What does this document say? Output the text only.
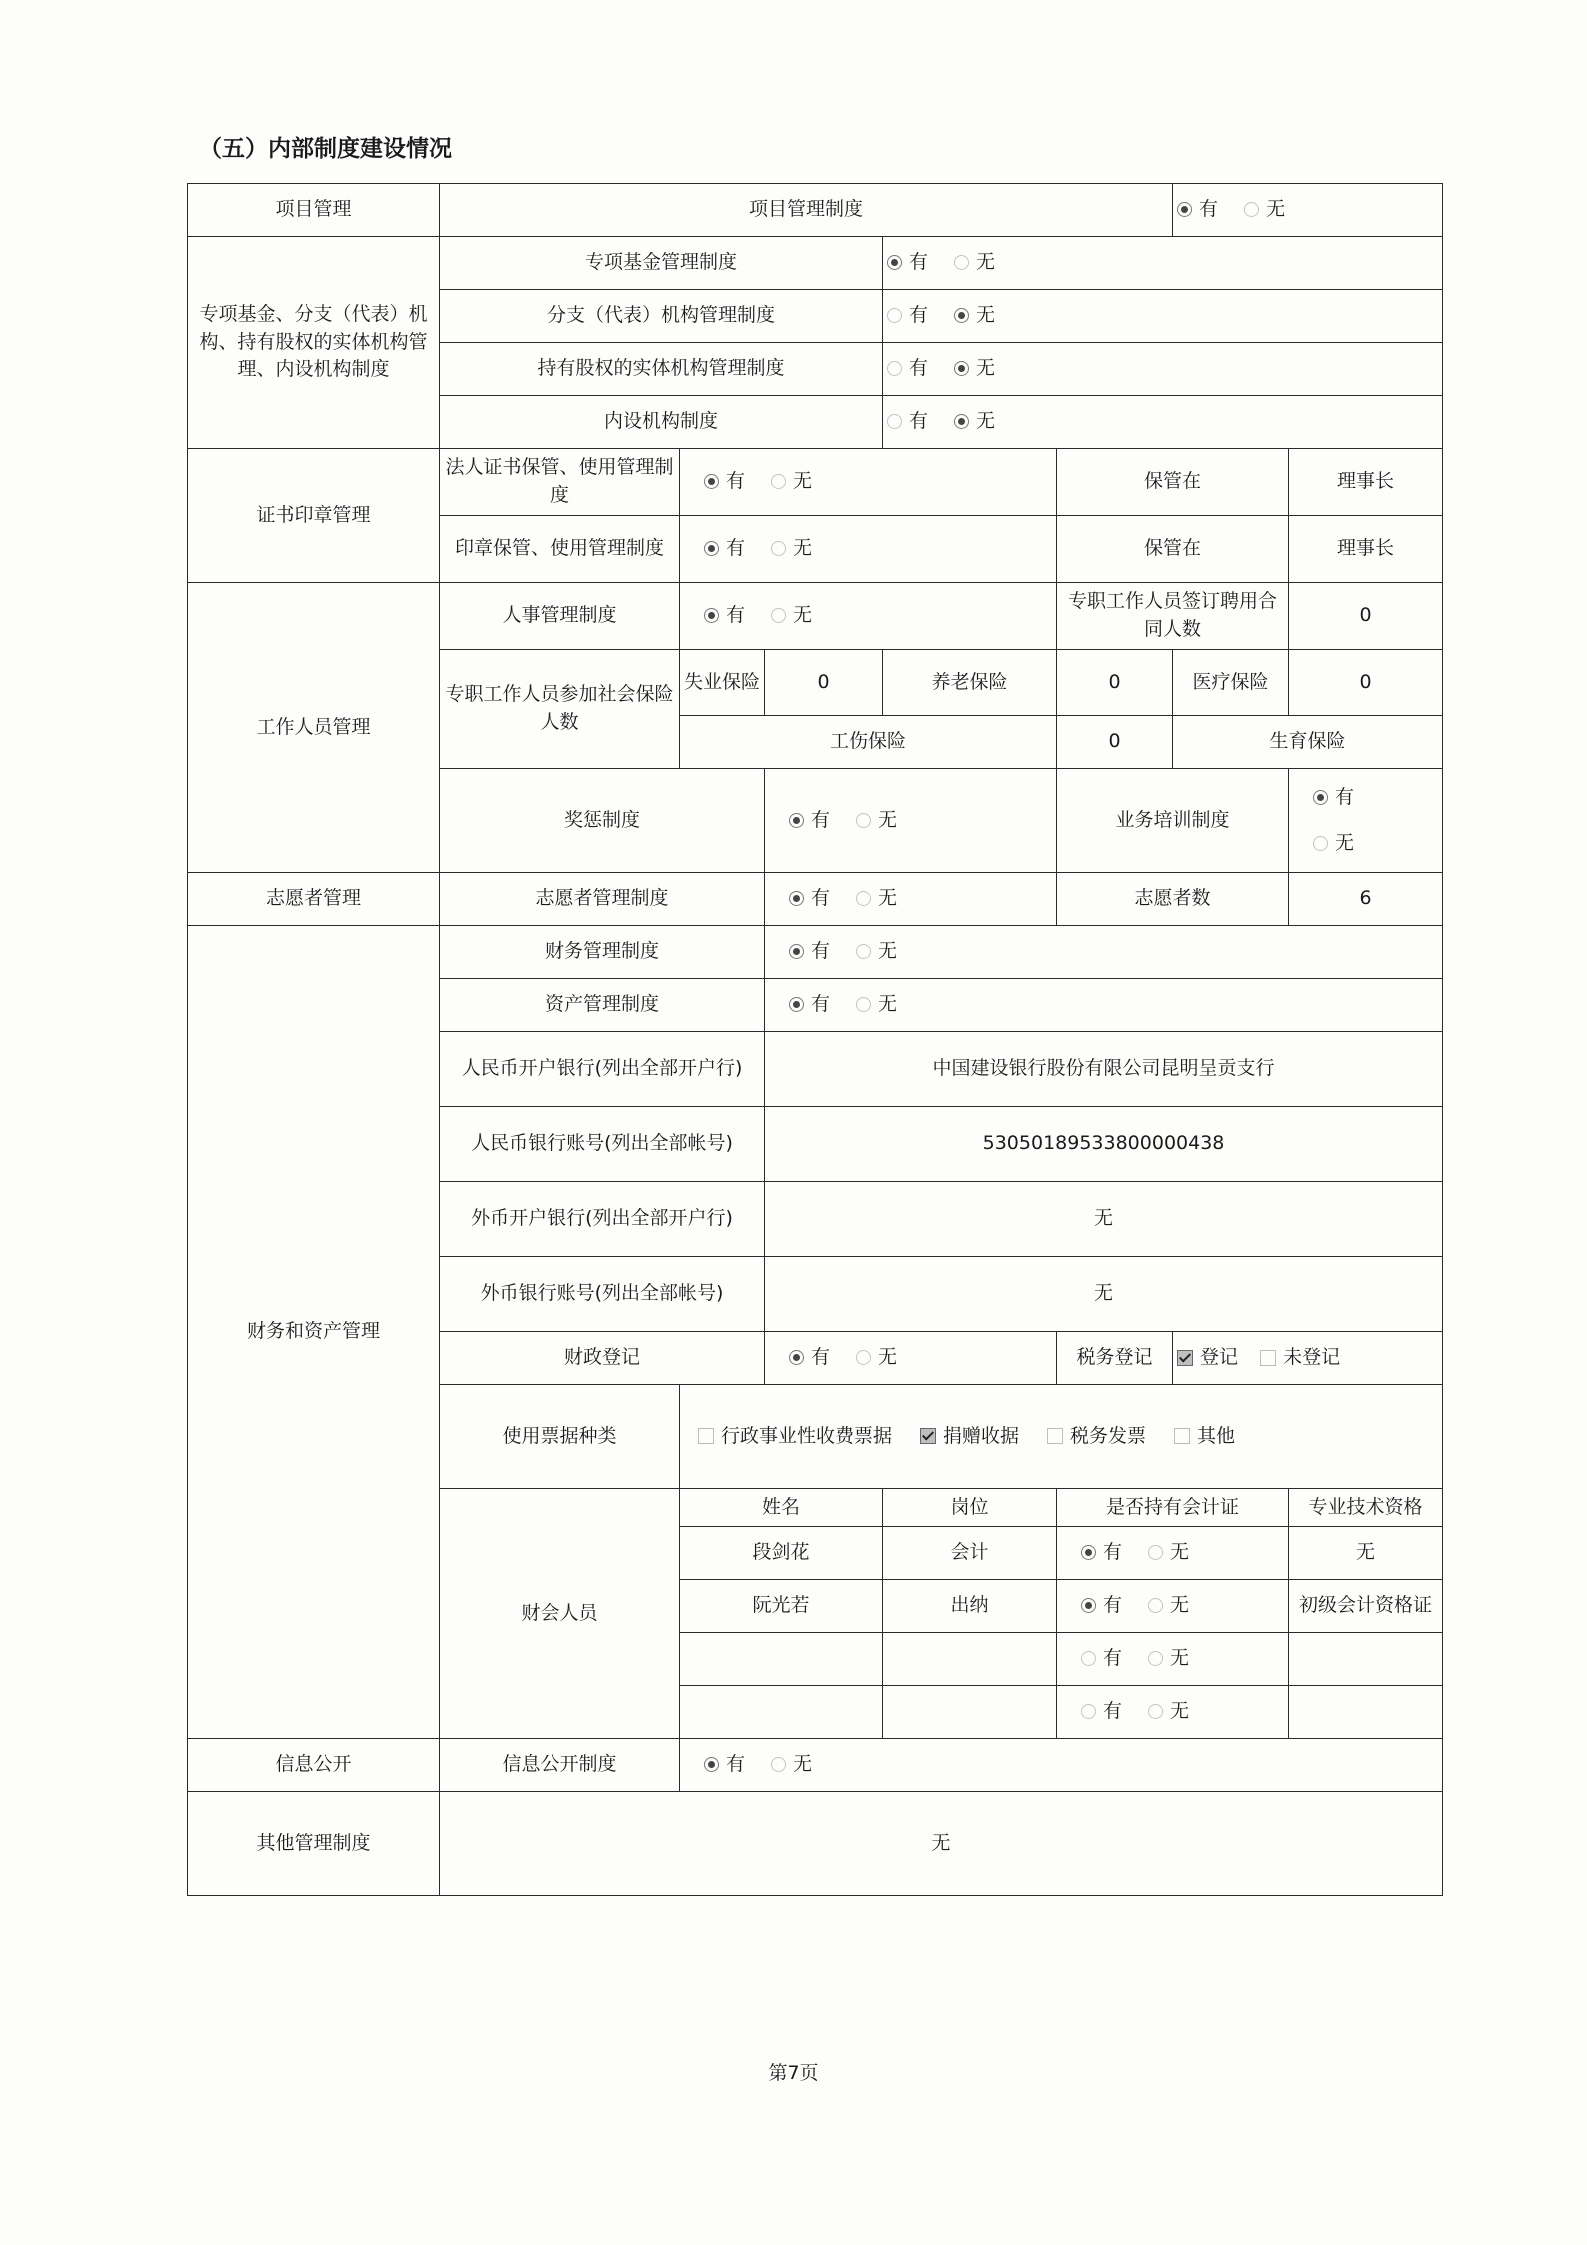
（五）内部制度建设情况
项目管理	项目管理制度					有 无		

专项基金、分支（代表）机构、持有股权的实体机构管理、内设机构制度	专项基金管理制度			有 无				

	分支（代表）机构管理制度			有 无				

	持有股权的实体机构管理制度			有 无				

	内设机构制度			有 无				

证书印章管理	法人证书保管、使用管理制度	有 无			保管在		理事长	
	印章保管、使用管理制度	有 无			保管在		理事长	
工作人员管理	人事管理制度	有 无			专职工作人员签订聘用合同人数		0	
	专职工作人员参加社会保险人数	失业保险	0	养老保险	0	医疗保险	0	
		工伤保险			0	生育保险	
	奖惩制度		有 无		业务培训制度		有
无	

志愿者管理	志愿者管理制度		有 无		志愿者数		6	
财务和资产管理	财务管理制度		有 无					

	资产管理制度		有 无					

	人民币开户银行(列出全部开户行)		中国建设银行股份有限公司昆明呈贡支行					
	人民币银行账号(列出全部帐号)		53050189533800000438					
	外币开户银行(列出全部开户行)		无					
	外币银行账号(列出全部帐号)		无					
	财政登记		有 无		税务登记	登记 未登记		

	使用票据种类	行政事业性收费票据 捐赠收据 税务发票 其他						

	财会人员	姓名		岗位	是否持有会计证		专业技术资格	
		段剑花		会计	有 无		无	
		阮光若		出纳	有 无		初级会计资格证	

					有 无			

					有 无			

信息公开	信息公开制度	有 无						

其他管理制度	无							
第7页
